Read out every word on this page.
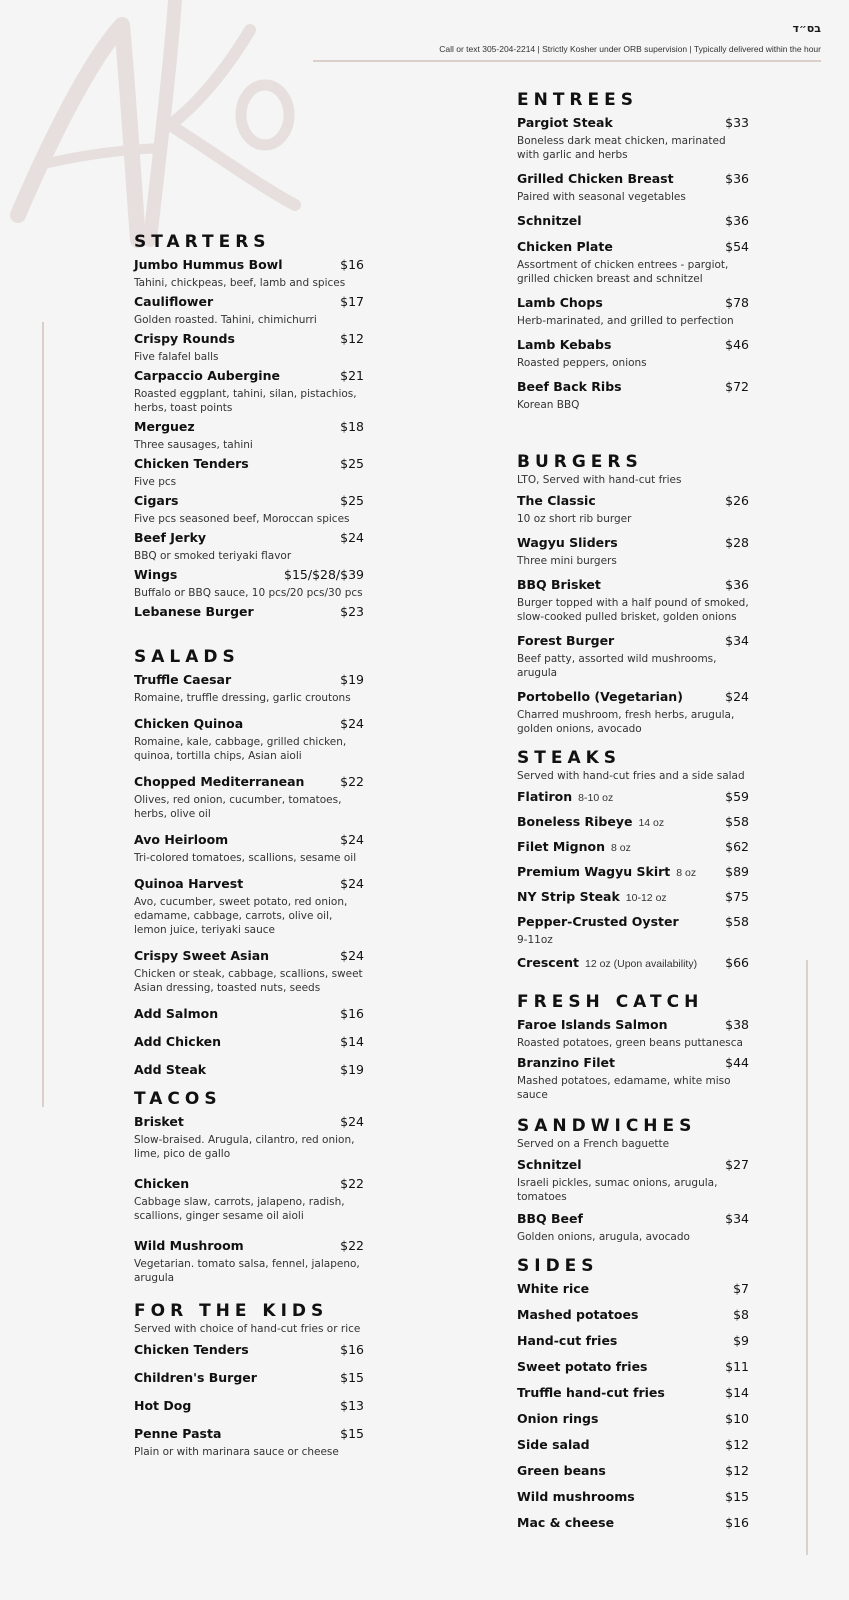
בס״ד
Call or text 305-204-2214 | Strictly Kosher under ORB supervision | Typically delivered within the hour
STARTERS
Jumbo Hummus Bowl	$16
Tahini, chickpeas, beef, lamb and spices
Cauliflower	$17
Golden roasted. Tahini, chimichurri
Crispy Rounds	$12
Five falafel balls
Carpaccio Aubergine	$21
Roasted eggplant, tahini, silan, pistachios, herbs, toast points
Merguez	$18
Three sausages, tahini
Chicken Tenders	$25
Five pcs
Cigars	$25
Five pcs seasoned beef, Moroccan spices
Beef Jerky	$24
BBQ or smoked teriyaki flavor
Wings	$15/$28/$39
Buffalo or BBQ sauce, 10 pcs/20 pcs/30 pcs
Lebanese Burger	$23
SALADS
Truffle Caesar	$19
Romaine, truffle dressing, garlic croutons
Chicken Quinoa	$24
Romaine, kale, cabbage, grilled chicken, quinoa, tortilla chips, Asian aioli
Chopped Mediterranean	$22
Olives, red onion, cucumber, tomatoes, herbs, olive oil
Avo Heirloom	$24
Tri-colored tomatoes, scallions, sesame oil
Quinoa Harvest	$24
Avo, cucumber, sweet potato, red onion, edamame, cabbage, carrots, olive oil, lemon juice, teriyaki sauce
Crispy Sweet Asian	$24
Chicken or steak, cabbage, scallions, sweet Asian dressing, toasted nuts, seeds
Add Salmon	$16
Add Chicken	$14
Add Steak	$19
TACOS
Brisket	$24
Slow-braised. Arugula, cilantro, red onion, lime, pico de gallo
Chicken	$22
Cabbage slaw, carrots, jalapeno, radish, scallions, ginger sesame oil aioli
Wild Mushroom	$22
Vegetarian. tomato salsa, fennel, jalapeno, arugula
FOR THE KIDS
Served with choice of hand-cut fries or rice
Chicken Tenders	$16
Children's Burger	$15
Hot Dog	$13
Penne Pasta	$15
Plain or with marinara sauce or cheese
ENTREES
Pargiot Steak	$33
Boneless dark meat chicken, marinated with garlic and herbs
Grilled Chicken Breast	$36
Paired with seasonal vegetables
Schnitzel	$36
Chicken Plate	$54
Assortment of chicken entrees - pargiot, grilled chicken breast and schnitzel
Lamb Chops	$78
Herb-marinated, and grilled to perfection
Lamb Kebabs	$46
Roasted peppers, onions
Beef Back Ribs	$72
Korean BBQ
BURGERS
LTO, Served with hand-cut fries
The Classic	$26
10 oz short rib burger
Wagyu Sliders	$28
Three mini burgers
BBQ Brisket	$36
Burger topped with a half pound of smoked, slow-cooked pulled brisket, golden onions
Forest Burger	$34
Beef patty, assorted wild mushrooms, arugula
Portobello (Vegetarian)	$24
Charred mushroom, fresh herbs, arugula, golden onions, avocado
STEAKS
Served with hand-cut fries and a side salad
Flatiron 8-10 oz	$59
Boneless Ribeye 14 oz	$58
Filet Mignon 8 oz	$62
Premium Wagyu Skirt 8 oz $89
NY Strip Steak 10-12 oz	$75
Pepper-Crusted Oyster	$58
9-11oz
Crescent 12 oz (Upon availability) $66
FRESH CATCH
Faroe Islands Salmon	$38
Roasted potatoes, green beans puttanesca
Branzino Filet	$44
Mashed potatoes, edamame, white miso sauce
SANDWICHES
Served on a French baguette
Schnitzel	$27
Israeli pickles, sumac onions, arugula, tomatoes
BBQ Beef	$34
Golden onions, arugula, avocado
SIDES
White rice	$7
Mashed potatoes	$8
Hand-cut fries	$9
Sweet potato fries	$11
Truffle hand-cut fries	$14
Onion rings	$10
Side salad	$12
Green beans	$12
Wild mushrooms	$15
Mac & cheese	$16
